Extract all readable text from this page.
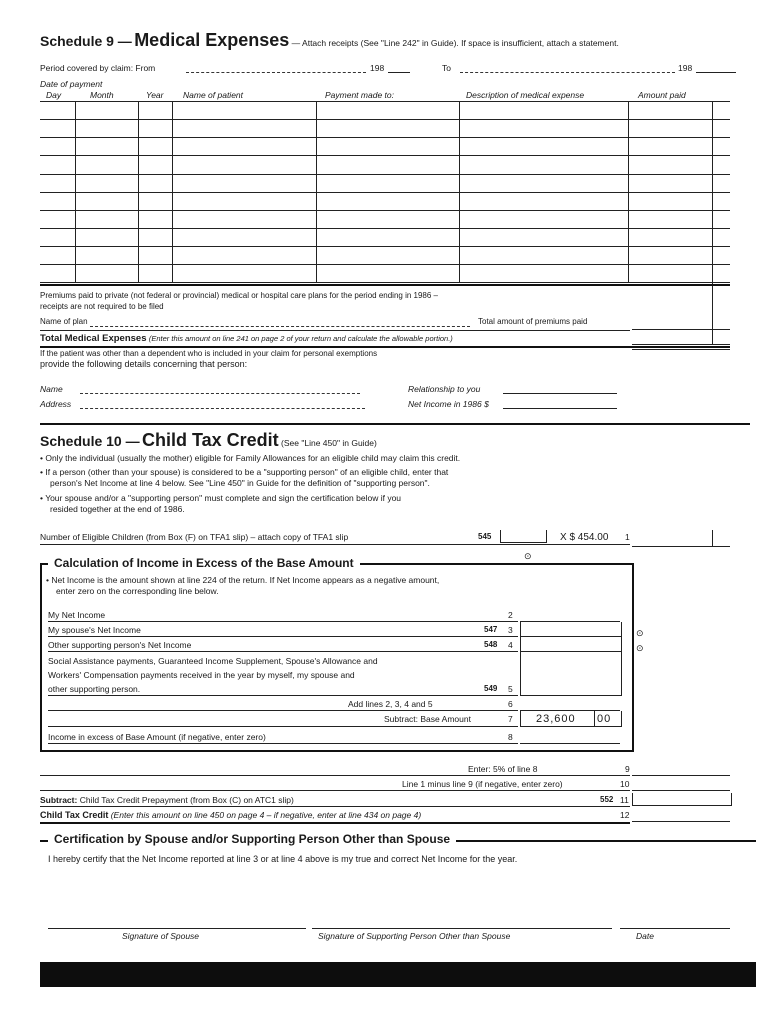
Schedule 9 — Medical Expenses — Attach receipts (See "Line 242" in Guide). If space is insufficient, attach a statement.
Period covered by claim: From	198	To	198
Date of payment
Day	Month	Year Name of patient	Payment made to:	Description of medical expense	Amount paid
Premiums paid to private (not federal or provincial) medical or hospital care plans for the period ending in 1986 –
receipts are not required to be filed
Name of plan	Total amount of premiums paid
Total Medical Expenses (Enter this amount on line 241 on page 2 of your return and calculate the allowable portion.)
If the patient was other than a dependent who is included in your claim for personal exemptions
provide the following details concerning that person:
Name
Address
Relationship to you
Net Income in 1986 $
Schedule 10 — Child Tax Credit (See "Line 450" in Guide)
• Only the individual (usually the mother) eligible for Family Allowances for an eligible child may claim this credit.
• If a person (other than your spouse) is considered to be a "supporting person" of an eligible child, enter that
person's Net Income at line 4 below. See "Line 450" in Guide for the definition of "supporting person".
• Your spouse and/or a "supporting person" must complete and sign the certification below if you
resided together at the end of 1986.
Number of Eligible Children (from Box (F) on TFA1 slip) – attach copy of TFA1 slip	545	X $ 454.00 1
Calculation of Income in Excess of the Base Amount
• Net Income is the amount shown at line 224 of the return. If Net Income appears as a negative amount,
enter zero on the corresponding line below.
My Net Income	2
My spouse's Net Income	547 3
Other supporting person's Net Income	548 4
Social Assistance payments, Guaranteed Income Supplement, Spouse's Allowance and
Workers' Compensation payments received in the year by myself, my spouse and
other supporting person.	549 5
Add lines 2, 3, 4 and 5	6
Subtract: Base Amount	7 23,600 00
Income in excess of Base Amount (if negative, enter zero)	8
⊙
⊙
⊙
Enter: 5% of line 8	9
Line 1 minus line 9 (if negative, enter zero)	10
Subtract: Child Tax Credit Prepayment (from Box (C) on ATC1 slip)	552 11
Child Tax Credit (Enter this amount on line 450 on page 4 – if negative, enter at line 434 on page 4)	12
Certification by Spouse and/or Supporting Person Other than Spouse
I hereby certify that the Net Income reported at line 3 or at line 4 above is my true and correct Net Income for the year.
Signature of Spouse	Signature of Supporting Person Other than Spouse	Date
